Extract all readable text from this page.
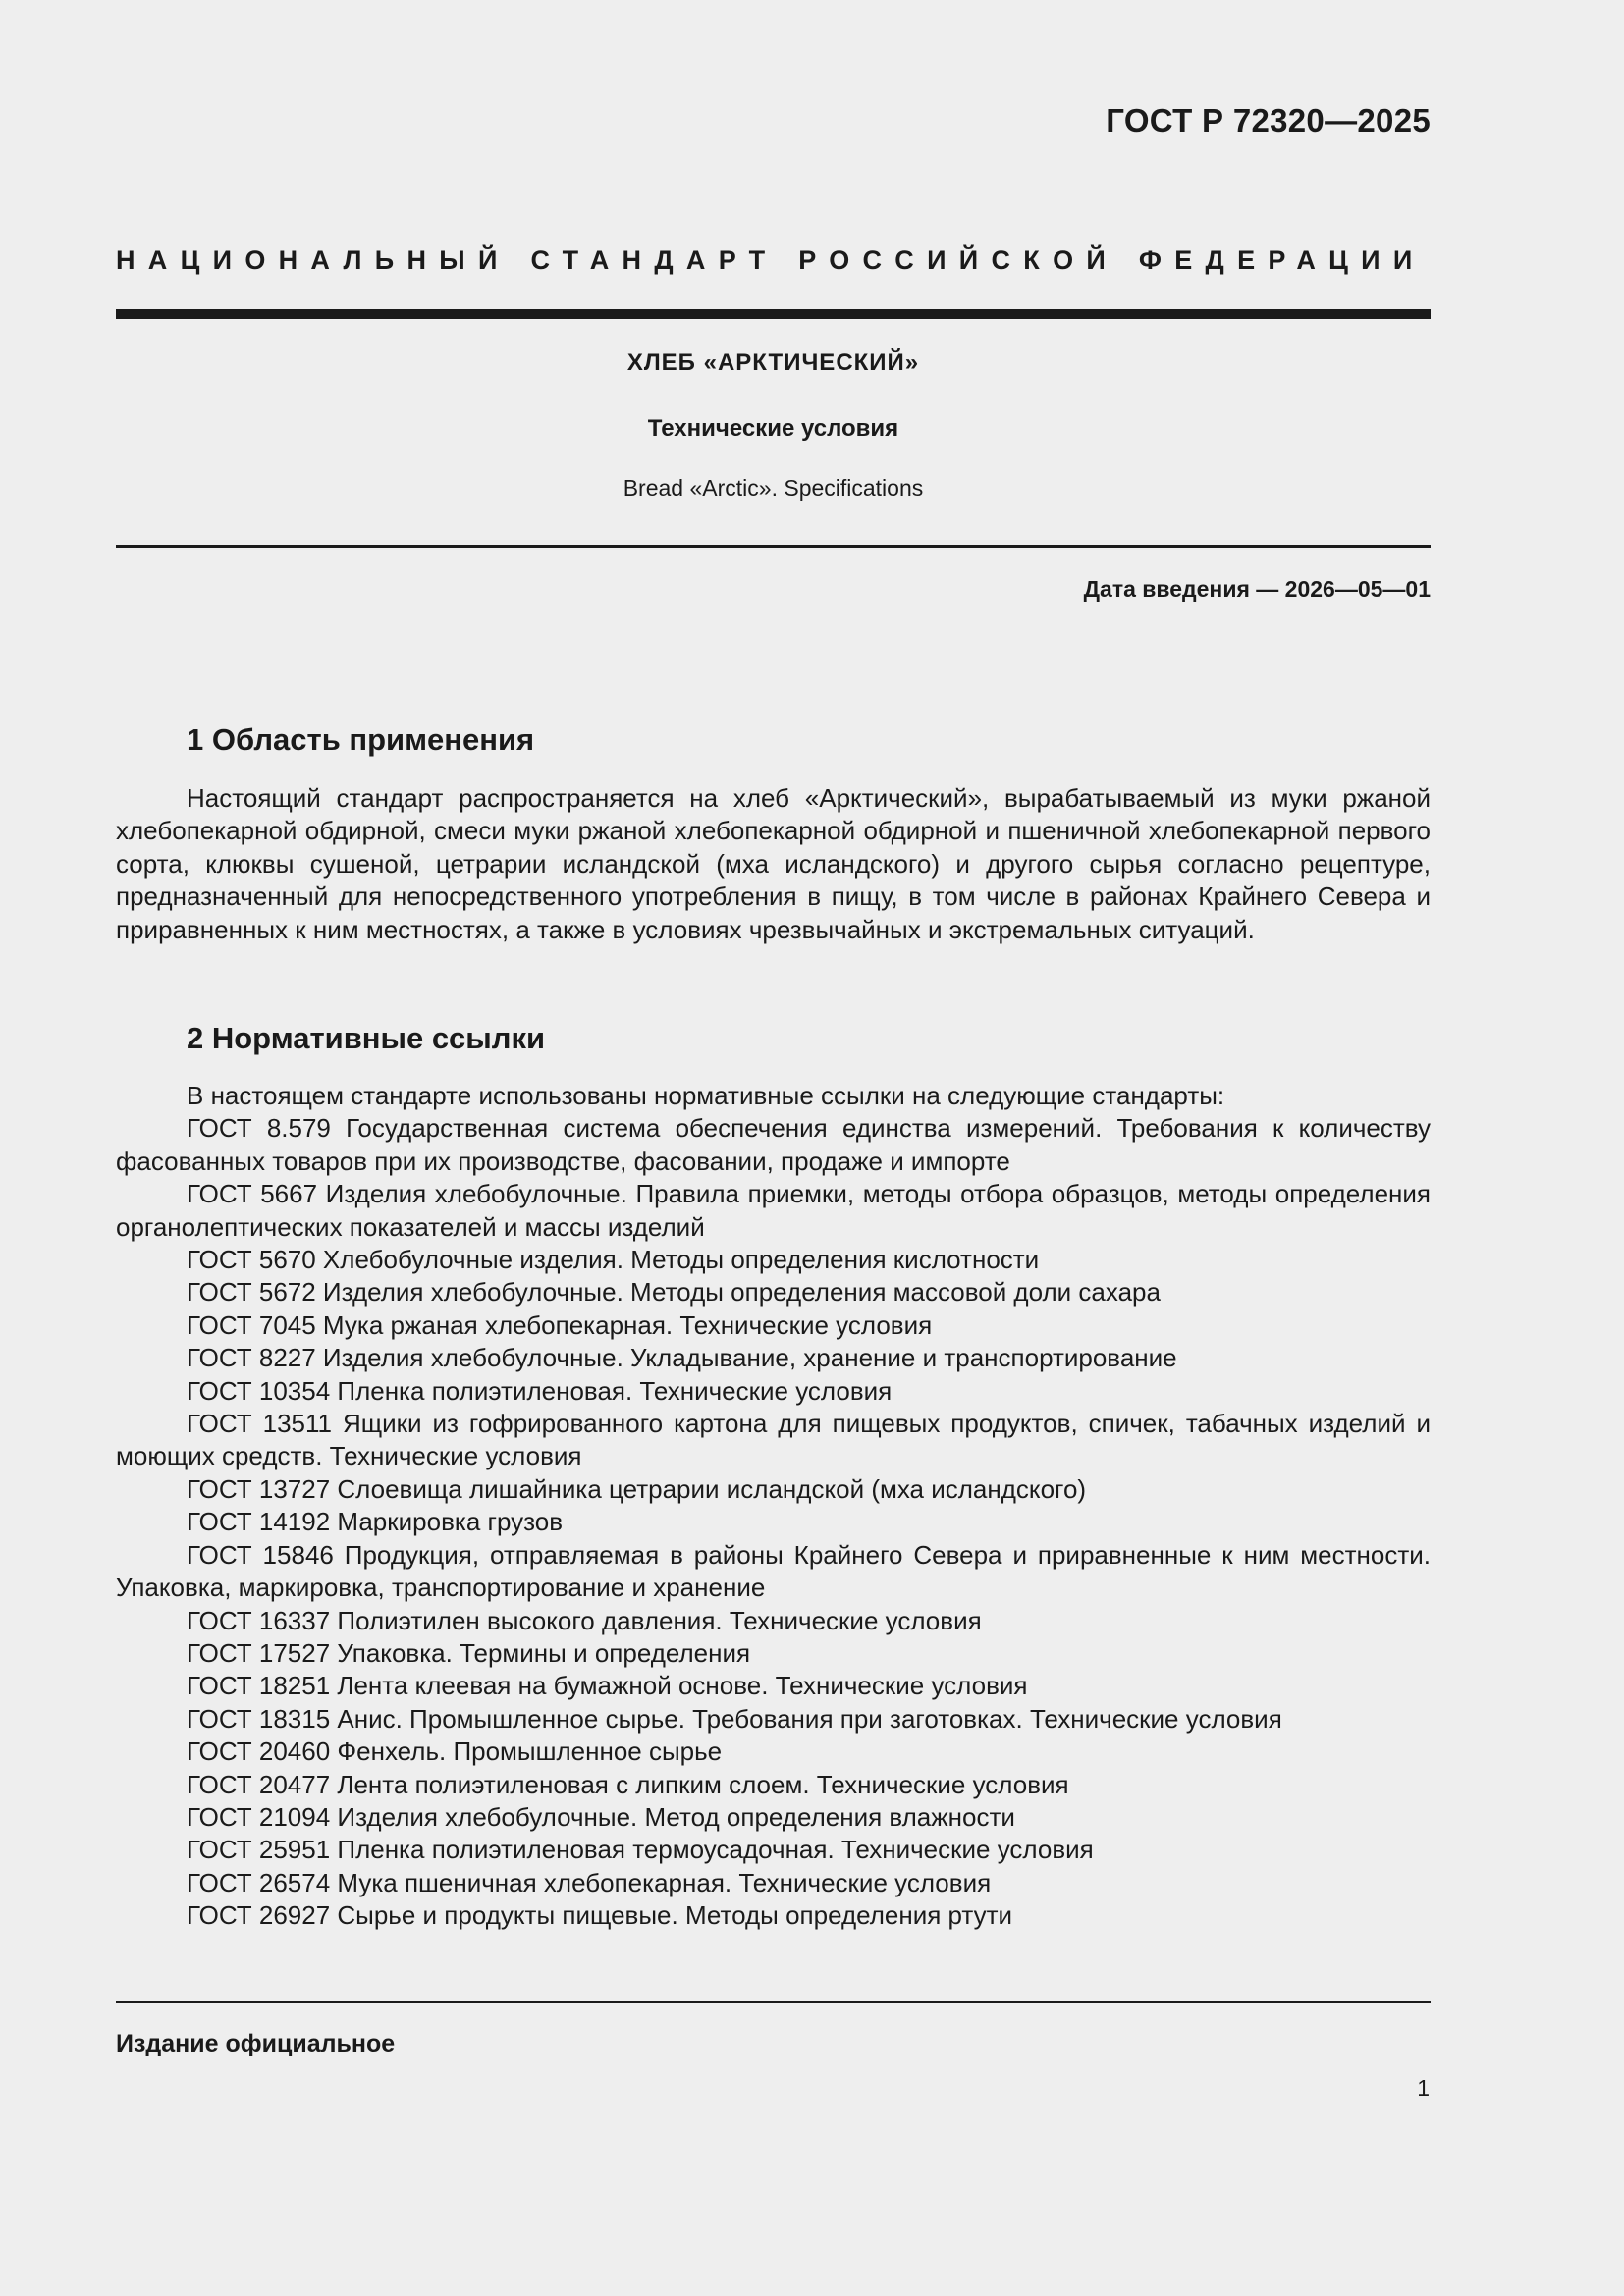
ГОСТ Р 72320—2025
НАЦИОНАЛЬНЫЙ СТАНДАРТ РОССИЙСКОЙ ФЕДЕРАЦИИ
ХЛЕБ «АРКТИЧЕСКИЙ»
Технические условия
Bread «Arctic». Specifications
Дата введения — 2026—05—01
1 Область применения

Настоящий стандарт распространяется на хлеб «Арктический», вырабатываемый из муки ржаной хлебопекарной обдирной, смеси муки ржаной хлебопекарной обдирной и пшеничной хлебопекарной первого сорта, клюквы сушеной, цетрарии исландской (мха исландского) и другого сырья согласно рецептуре, предназначенный для непосредственного употребления в пищу, в том числе в районах Крайнего Севера и приравненных к ним местностях, а также в условиях чрезвычайных и экстремальных ситуаций.

2 Нормативные ссылки

В настоящем стандарте использованы нормативные ссылки на следующие стандарты:

ГОСТ 8.579 Государственная система обеспечения единства измерений. Требования к количеству фасованных товаров при их производстве, фасовании, продаже и импорте

ГОСТ 5667 Изделия хлебобулочные. Правила приемки, методы отбора образцов, методы определения органолептических показателей и массы изделий

ГОСТ 5670 Хлебобулочные изделия. Методы определения кислотности

ГОСТ 5672 Изделия хлебобулочные. Методы определения массовой доли сахара

ГОСТ 7045 Мука ржаная хлебопекарная. Технические условия

ГОСТ 8227 Изделия хлебобулочные. Укладывание, хранение и транспортирование

ГОСТ 10354 Пленка полиэтиленовая. Технические условия

ГОСТ 13511 Ящики из гофрированного картона для пищевых продуктов, спичек, табачных изделий и моющих средств. Технические условия

ГОСТ 13727 Слоевища лишайника цетрарии исландской (мха исландского)

ГОСТ 14192 Маркировка грузов

ГОСТ 15846 Продукция, отправляемая в районы Крайнего Севера и приравненные к ним местности. Упаковка, маркировка, транспортирование и хранение

ГОСТ 16337 Полиэтилен высокого давления. Технические условия

ГОСТ 17527 Упаковка. Термины и определения

ГОСТ 18251 Лента клеевая на бумажной основе. Технические условия

ГОСТ 18315 Анис. Промышленное сырье. Требования при заготовках. Технические условия

ГОСТ 20460 Фенхель. Промышленное сырье

ГОСТ 20477 Лента полиэтиленовая с липким слоем. Технические условия

ГОСТ 21094 Изделия хлебобулочные. Метод определения влажности

ГОСТ 25951 Пленка полиэтиленовая термоусадочная. Технические условия

ГОСТ 26574 Мука пшеничная хлебопекарная. Технические условия

ГОСТ 26927 Сырье и продукты пищевые. Методы определения ртути

Издание официальное
1
